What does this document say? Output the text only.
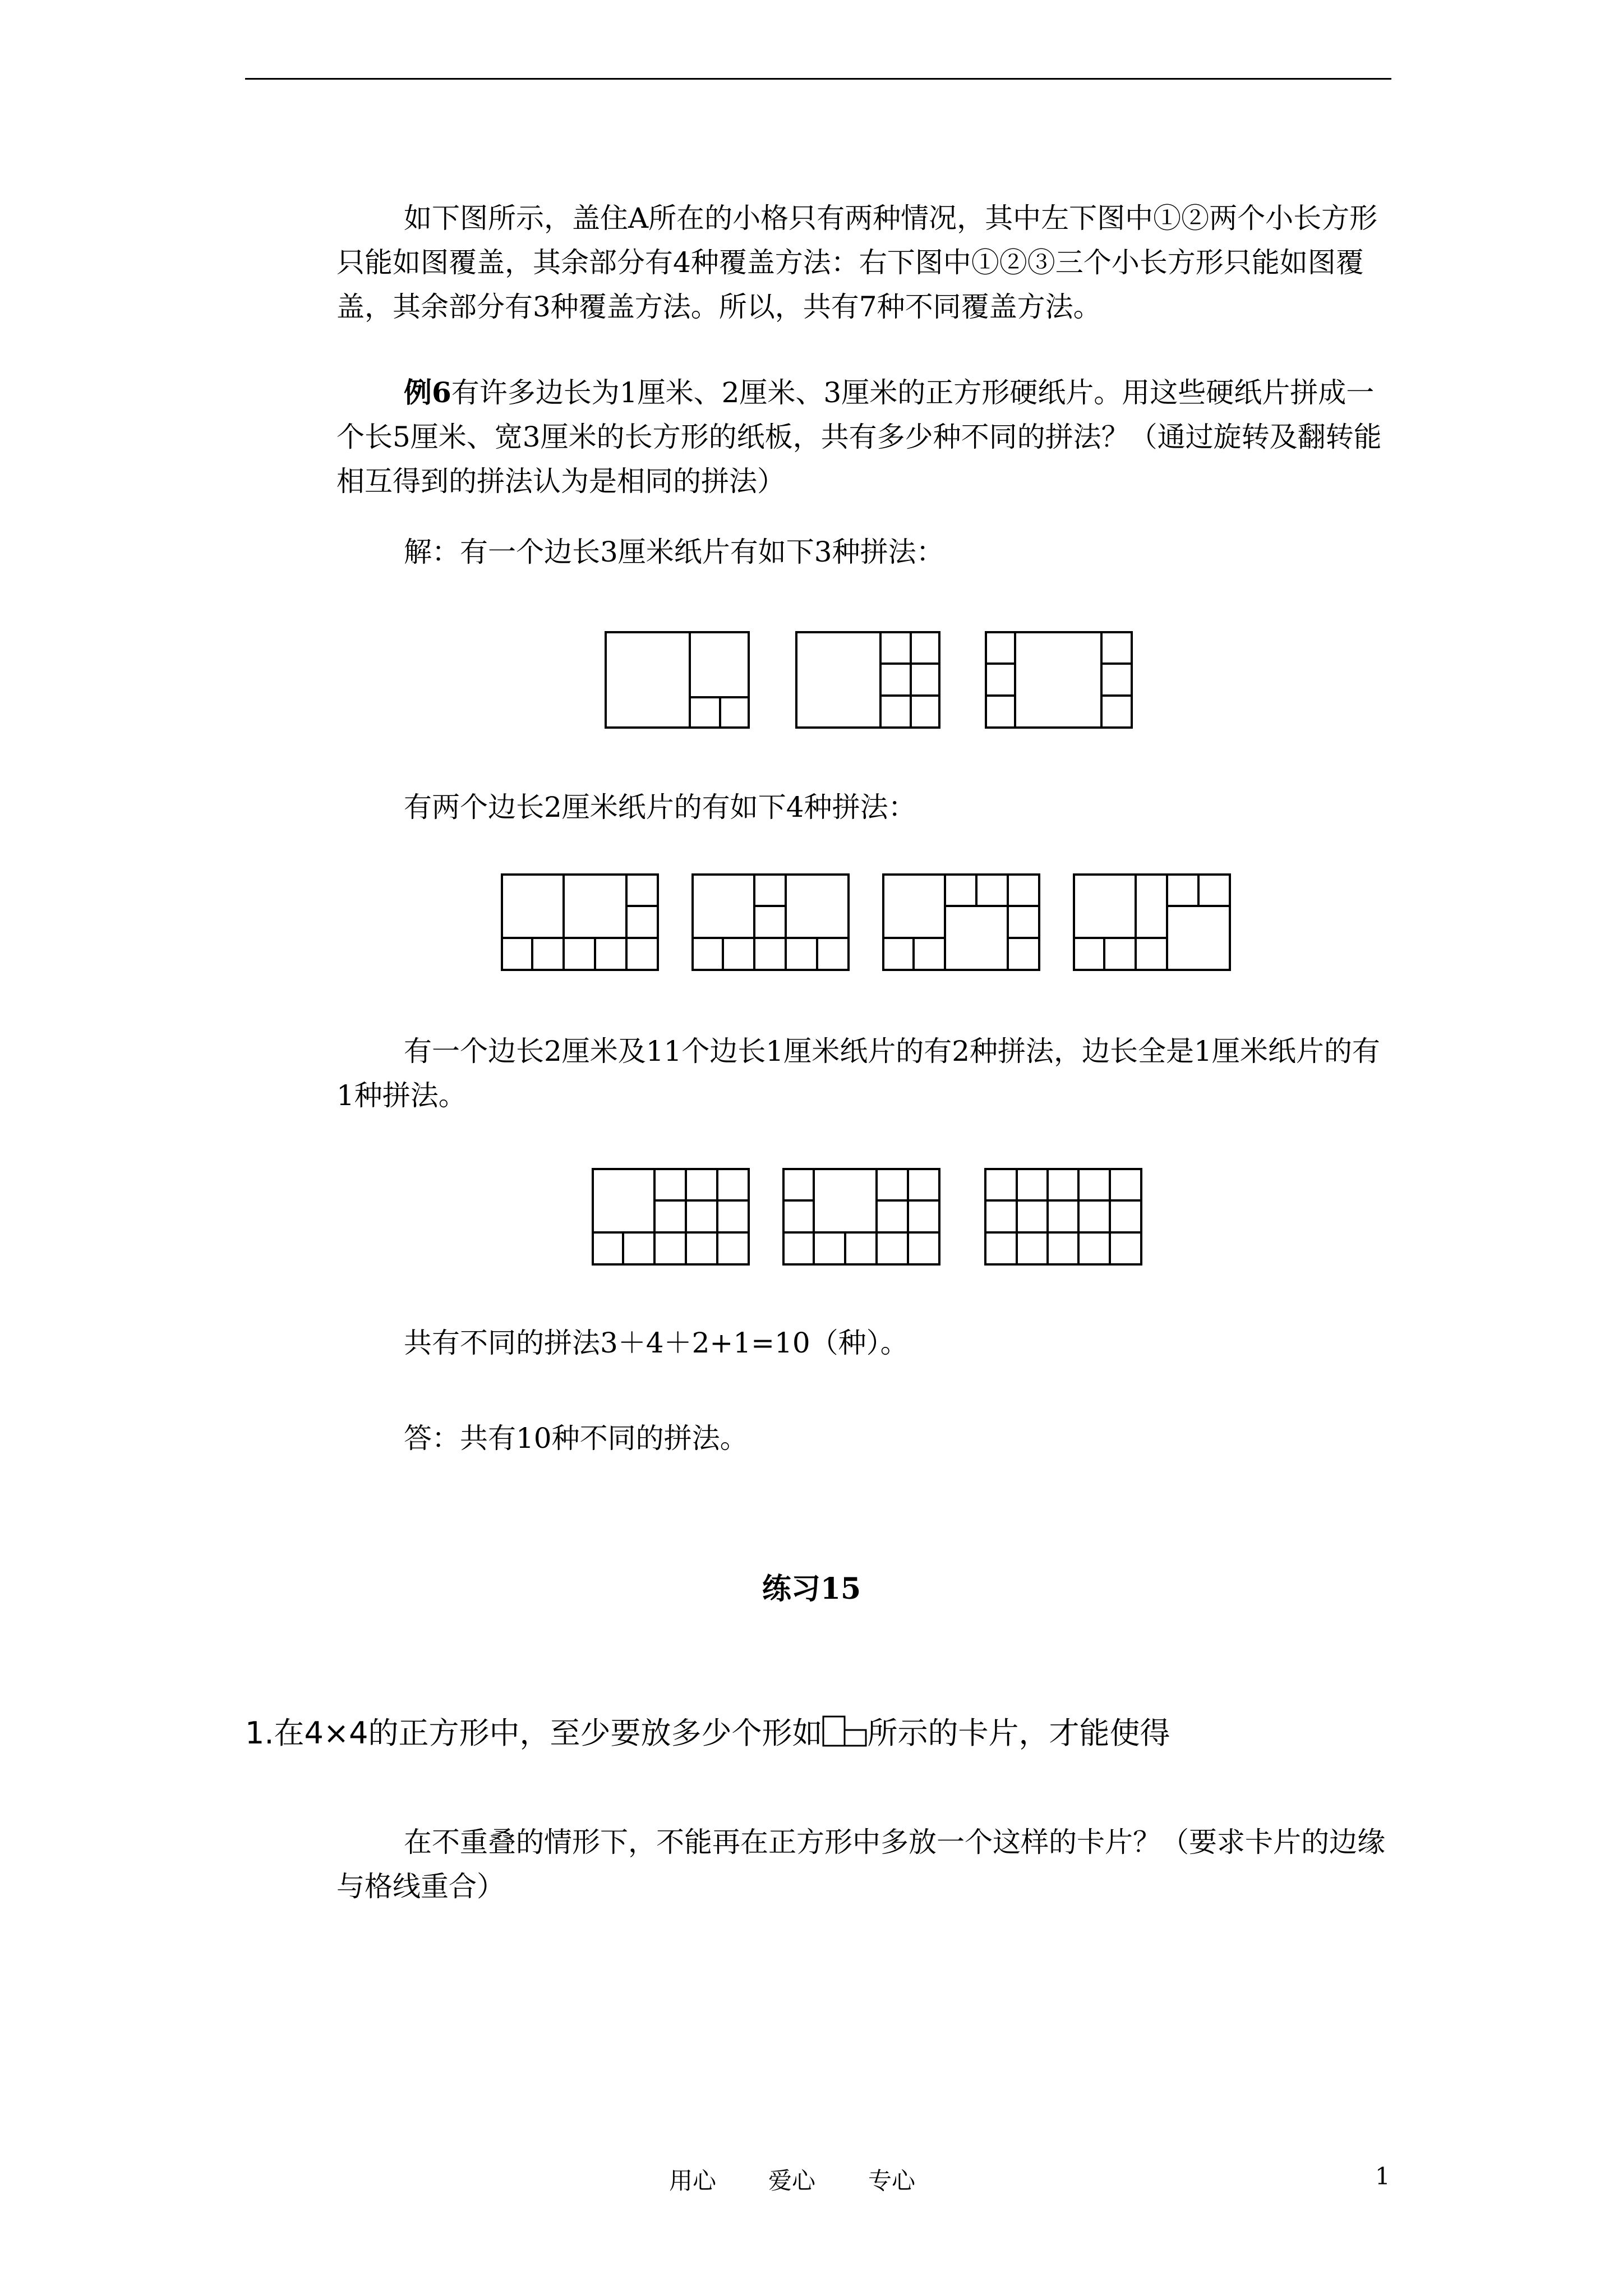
如下图所示，盖住A所在的小格只有两种情况，其中左下图中①②两个小长方形只能如图覆盖，其余部分有4种覆盖方法：右下图中①②③三个小长方形只能如图覆盖，其余部分有3种覆盖方法。所以，共有7种不同覆盖方法。

例6有许多边长为1厘米、2厘米、3厘米的正方形硬纸片。用这些硬纸片拼成一个长5厘米、宽3厘米的长方形的纸板，共有多少种不同的拼法？（通过旋转及翻转能相互得到的拼法认为是相同的拼法）

解：有一个边长3厘米纸片有如下3种拼法：

有两个边长2厘米纸片的有如下4种拼法：

有一个边长2厘米及11个边长1厘米纸片的有2种拼法，边长全是1厘米纸片的有1种拼法。

共有不同的拼法3＋4＋2+1=10（种）。

答：共有10种不同的拼法。

练习15

1.在4×4的正方形中，至少要放多少个形如 所示的卡片，才能使得

在不重叠的情形下，不能再在正方形中多放一个这样的卡片？（要求卡片的边缘与格线重合）

用心 爱心 专心	1
